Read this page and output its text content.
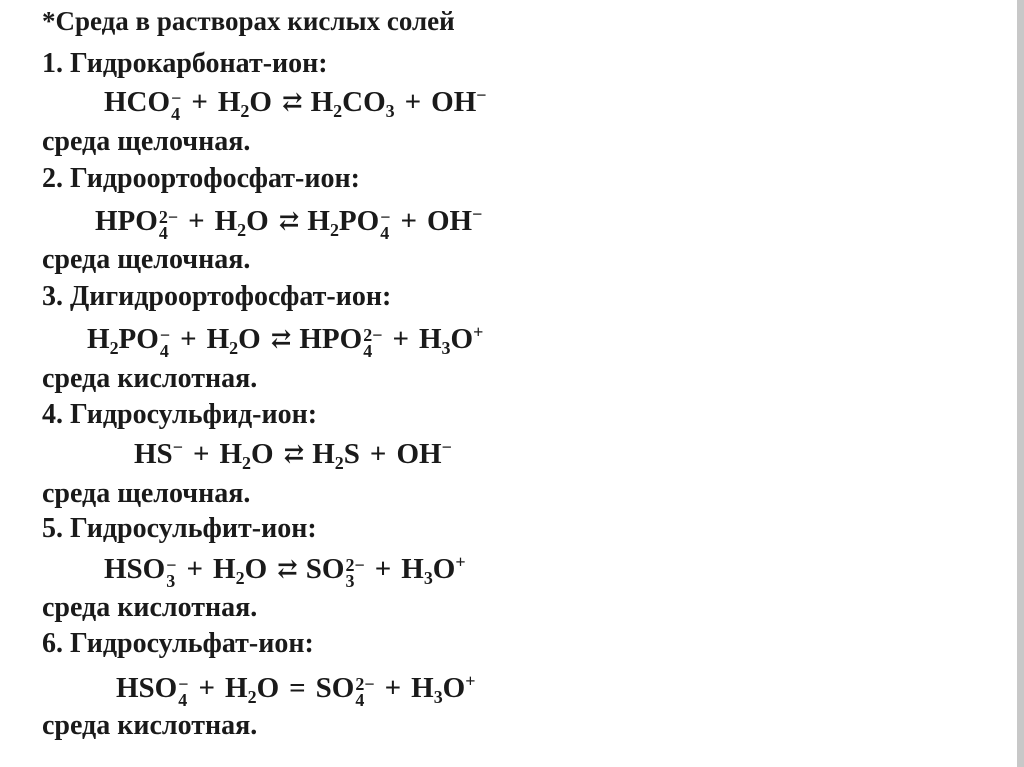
*Среда в растворах кислых солей
1. Гидрокарбонат-ион:
HCO −
$4 + H_2O$ ⇄ $H_2CO_3 + OH^-$
среда щелочная.
2. Гидроортофосфат-ион:
HPO 2−
$4 + H_2O$ ⇄ $H_2PO$ −
4 + OH−
среда щелочная.
3. Дигидроортофосфат-ион:
$H_2PO$ −
$4 + H_2O$ ⇄ HPO 2−
$4 + H_3O^+$
среда кислотная.
4. Гидросульфид-ион:
$HS^- + H_2O$ ⇄ $H_2S + OH^-$
среда щелочная.
5. Гидросульфит-ион:
HSO −
$3 + H_2O$ ⇄ SO 2−
$3 + H_3O^+$
среда кислотная.
6. Гидросульфат-ион:
HSO −
$4 + H_2O$ = SO 2−
$4 + H_3O^+$
среда кислотная.
